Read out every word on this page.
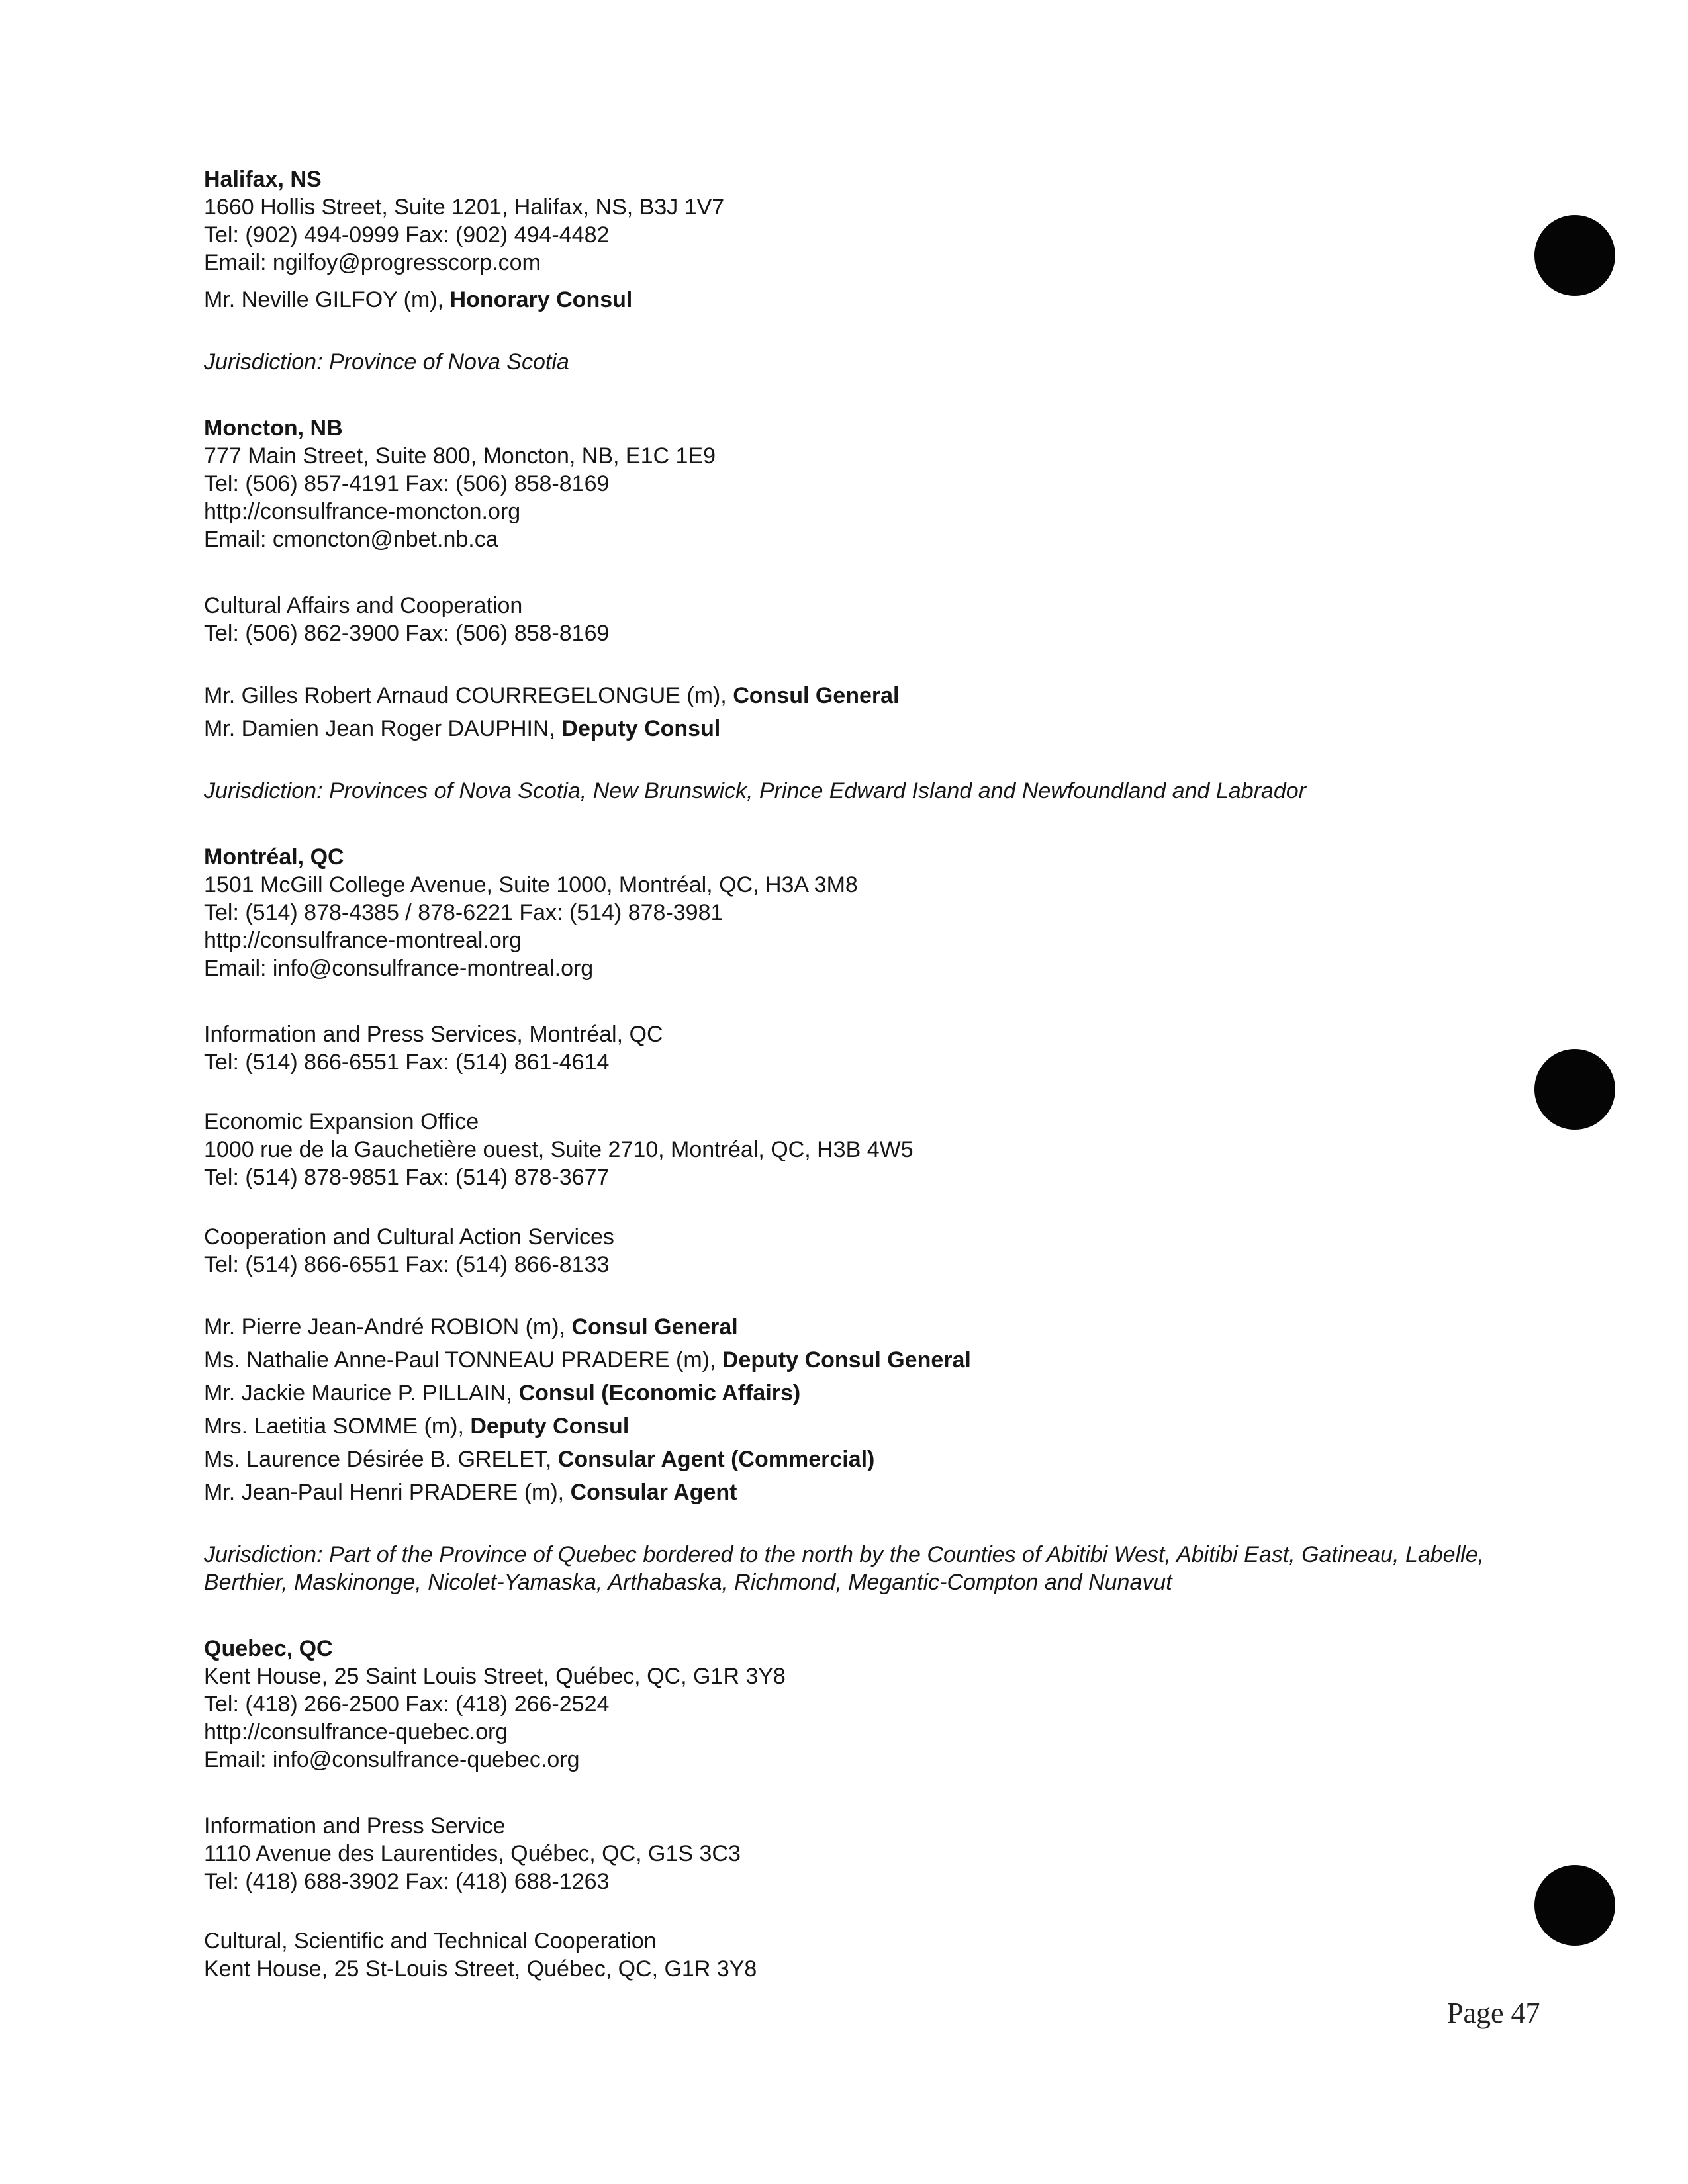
Halifax, NS
1660 Hollis Street, Suite 1201, Halifax, NS, B3J 1V7
Tel: (902) 494-0999 Fax: (902) 494-4482
Email: ngilfoy@progresscorp.com
Mr. Neville GILFOY (m), Honorary Consul
Jurisdiction: Province of Nova Scotia
Moncton, NB
777 Main Street, Suite 800, Moncton, NB, E1C 1E9
Tel: (506) 857-4191 Fax: (506) 858-8169
http://consulfrance-moncton.org
Email: cmoncton@nbet.nb.ca
Cultural Affairs and Cooperation
Tel: (506) 862-3900 Fax: (506) 858-8169
Mr. Gilles Robert Arnaud COURREGELONGUE (m), Consul General
Mr. Damien Jean Roger DAUPHIN, Deputy Consul
Jurisdiction: Provinces of Nova Scotia, New Brunswick, Prince Edward Island and Newfoundland and Labrador
Montréal, QC
1501 McGill College Avenue, Suite 1000, Montréal, QC, H3A 3M8
Tel: (514) 878-4385 / 878-6221 Fax: (514) 878-3981
http://consulfrance-montreal.org
Email: info@consulfrance-montreal.org
Information and Press Services, Montréal, QC
Tel: (514) 866-6551 Fax: (514) 861-4614
Economic Expansion Office
1000 rue de la Gauchetière ouest, Suite 2710, Montréal, QC, H3B 4W5
Tel: (514) 878-9851 Fax: (514) 878-3677
Cooperation and Cultural Action Services
Tel: (514) 866-6551 Fax: (514) 866-8133
Mr. Pierre Jean-André ROBION (m), Consul General
Ms. Nathalie Anne-Paul TONNEAU PRADERE (m), Deputy Consul General
Mr. Jackie Maurice P. PILLAIN, Consul (Economic Affairs)
Mrs. Laetitia SOMME (m), Deputy Consul
Ms. Laurence Désirée B. GRELET, Consular Agent (Commercial)
Mr. Jean-Paul Henri PRADERE (m), Consular Agent
Jurisdiction: Part of the Province of Quebec bordered to the north by the Counties of Abitibi West, Abitibi East, Gatineau, Labelle, Berthier, Maskinonge, Nicolet-Yamaska, Arthabaska, Richmond, Megantic-Compton and Nunavut
Quebec, QC
Kent House, 25 Saint Louis Street, Québec, QC, G1R 3Y8
Tel: (418) 266-2500 Fax: (418) 266-2524
http://consulfrance-quebec.org
Email: info@consulfrance-quebec.org
Information and Press Service
1110 Avenue des Laurentides, Québec, QC, G1S 3C3
Tel: (418) 688-3902 Fax: (418) 688-1263
Cultural, Scientific and Technical Cooperation
Kent House, 25 St-Louis Street, Québec, QC, G1R 3Y8
Page 47
